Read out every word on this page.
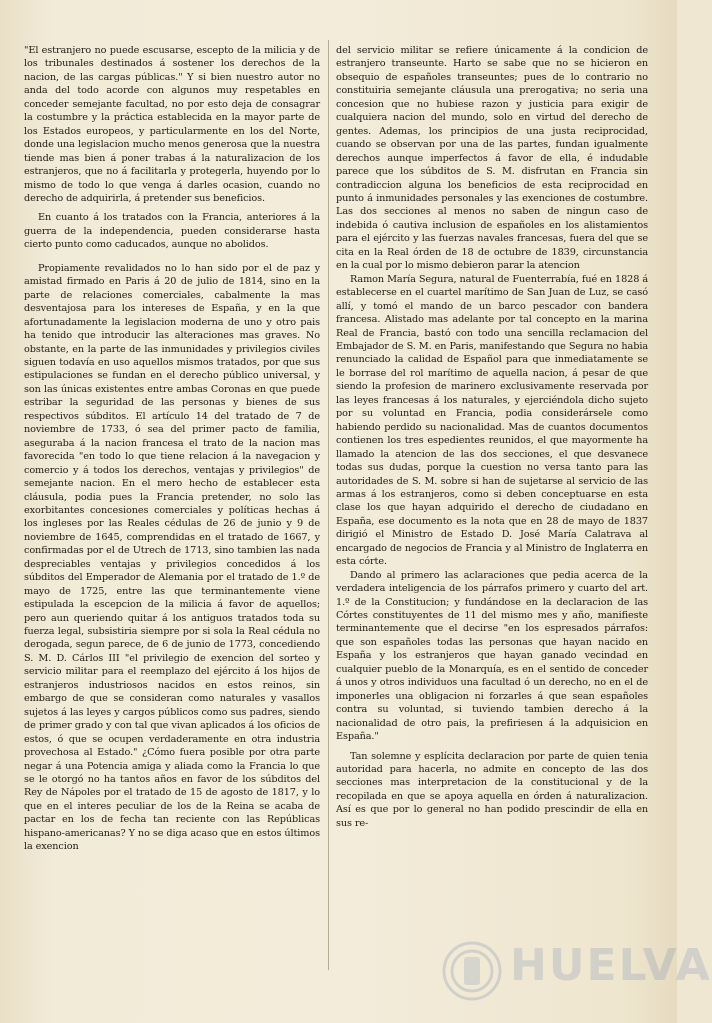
"El estranjero no puede escusarse, escepto de la milicia y de los tribunales destinados á sostener los derechos de la nacion, de las cargas públicas." Y si bien nuestro autor no anda del todo acorde con algunos muy respetables en conceder semejante facultad, no por esto deja de consagrar la costumbre y la práctica establecida en la mayor parte de los Estados europeos, y particularmente en los del Norte, donde una legislacion mucho menos generosa que la nuestra tiende mas bien á poner trabas á la naturalizacion de los estranjeros, que no á facilitarla y protegerla, huyendo por lo mismo de todo lo que venga á darles ocasion, cuando no derecho de adquirirla, á pretender sus beneficios.

En cuanto á los tratados con la Francia, anteriores á la guerra de la independencia, pueden considerarse hasta cierto punto como caducados, aunque no abolidos.

Propiamente revalidados no lo han sido por el de paz y amistad firmado en Paris á 20 de julio de 1814, sino en la parte de relaciones comerciales, cabalmente la mas desventajosa para los intereses de España, y en la que afortunadamente la legislacion moderna de uno y otro pais ha tenido que introducir las alteraciones mas graves. No obstante, en la parte de las inmunidades y privilegios civiles siguen todavía en uso aquellos mismos tratados, por que sus estipulaciones se fundan en el derecho público universal, y son las únicas existentes entre ambas Coronas en que puede estribar la seguridad de las personas y bienes de sus respectivos súbditos. El artículo 14 del tratado de 7 de noviembre de 1733, ó sea del primer pacto de familia, aseguraba á la nacion francesa el trato de la nacion mas favorecida "en todo lo que tiene relacion á la navegacion y comercio y á todos los derechos, ventajas y privilegios" de semejante nacion. En el mero hecho de establecer esta cláusula, podia pues la Francia pretender, no solo las exorbitantes concesiones comerciales y políticas hechas á los ingleses por las Reales cédulas de 26 de junio y 9 de noviembre de 1645, comprendidas en el tratado de 1667, y confirmadas por el de Utrech de 1713, sino tambien las nada despreciables ventajas y privilegios concedidos á los súbditos del Emperador de Alemania por el tratado de 1.º de mayo de 1725, entre las que terminantemente viene estipulada la escepcion de la milicia á favor de aquellos; pero aun queriendo quitar á los antiguos tratados toda su fuerza legal, subsistiria siempre por si sola la Real cédula no derogada, segun parece, de 6 de junio de 1773, concediendo S. M. D. Cárlos III "el privilegio de exencion del sorteo y servicio militar para el reemplazo del ejército á los hijos de estranjeros industriosos nacidos en estos reinos, sin embargo de que se consideran como naturales y vasallos sujetos á las leyes y cargos públicos como sus padres, siendo de primer grado y con tal que vivan aplicados á los oficios de estos, ó que se ocupen verdaderamente en otra industria provechosa al Estado." ¿Cómo fuera posible por otra parte negar á una Potencia amiga y aliada como la Francia lo que se le otorgó no ha tantos años en favor de los súbditos del Rey de Nápoles por el tratado de 15 de agosto de 1817, y lo que en el interes peculiar de los de la Reina se acaba de pactar en los de fecha tan reciente con las Repúblicas hispano-americanas? Y no se diga acaso que en estos últimos la exencion

del servicio militar se refiere únicamente á la condicion de estranjero transeunte. Harto se sabe que no se hicieron en obsequio de españoles transeuntes; pues de lo contrario no constituiria semejante cláusula una prerogativa; no seria una concesion que no hubiese razon y justicia para exigir de cualquiera nacion del mundo, solo en virtud del derecho de gentes. Ademas, los principios de una justa reciprocidad, cuando se observan por una de las partes, fundan igualmente derechos aunque imperfectos á favor de ella, é indudable parece que los súbditos de S. M. disfrutan en Francia sin contradiccion alguna los beneficios de esta reciprocidad en punto á inmunidades personales y las exenciones de costumbre. Las dos secciones al menos no saben de ningun caso de indebida ó cautiva inclusion de españoles en los alistamientos para el ejército y las fuerzas navales francesas, fuera del que se cita en la Real órden de 18 de octubre de 1839, circunstancia en la cual por lo mismo debieron parar la atencion

Ramon María Segura, natural de Fuenterrabía, fué en 1828 á establecerse en el cuartel marítimo de San Juan de Luz, se casó allí, y tomó el mando de un barco pescador con bandera francesa. Alistado mas adelante por tal concepto en la marina Real de Francia, bastó con todo una sencilla reclamacion del Embajador de S. M. en Paris, manifestando que Segura no habia renunciado la calidad de Español para que inmediatamente se le borrase del rol marítimo de aquella nacion, á pesar de que siendo la profesion de marinero exclusivamente reservada por las leyes francesas á los naturales, y ejerciéndola dicho sujeto por su voluntad en Francia, podia considerársele como habiendo perdido su nacionalidad. Mas de cuantos documentos contienen los tres espedientes reunidos, el que mayormente ha llamado la atencion de las dos secciones, el que desvanece todas sus dudas, porque la cuestion no versa tanto para las autoridades de S. M. sobre si han de sujetarse al servicio de las armas á los estranjeros, como si deben conceptuarse en esta clase los que hayan adquirido el derecho de ciudadano en España, ese documento es la nota que en 28 de mayo de 1837 dirigió el Ministro de Estado D. José María Calatrava al encargado de negocios de Francia y al Ministro de Inglaterra en esta córte.

Dando al primero las aclaraciones que pedia acerca de la verdadera inteligencia de los párrafos primero y cuarto del art. 1.º de la Constitucion; y fundándose en la declaracion de las Córtes constituyentes de 11 del mismo mes y año, manifieste terminantemente que el decirse "en los espresados párrafos: que son españoles todas las personas que hayan nacido en España y los estranjeros que hayan ganado vecindad en cualquier pueblo de la Monarquía, es en el sentido de conceder á unos y otros individuos una facultad ó un derecho, no en el de imponerles una obligacion ni forzarles á que sean españoles contra su voluntad, si tuviendo tambien derecho á la nacionalidad de otro pais, la prefiriesen á la adquisicion en España."

Tan solemne y esplícita declaracion por parte de quien tenia autoridad para hacerla, no admite en concepto de las dos secciones mas interpretacion de la constitucional y de la recopilada en que se apoya aquella en órden á naturalizacion. Así es que por lo general no han podido prescindir de ella en sus re-

HUELVA
